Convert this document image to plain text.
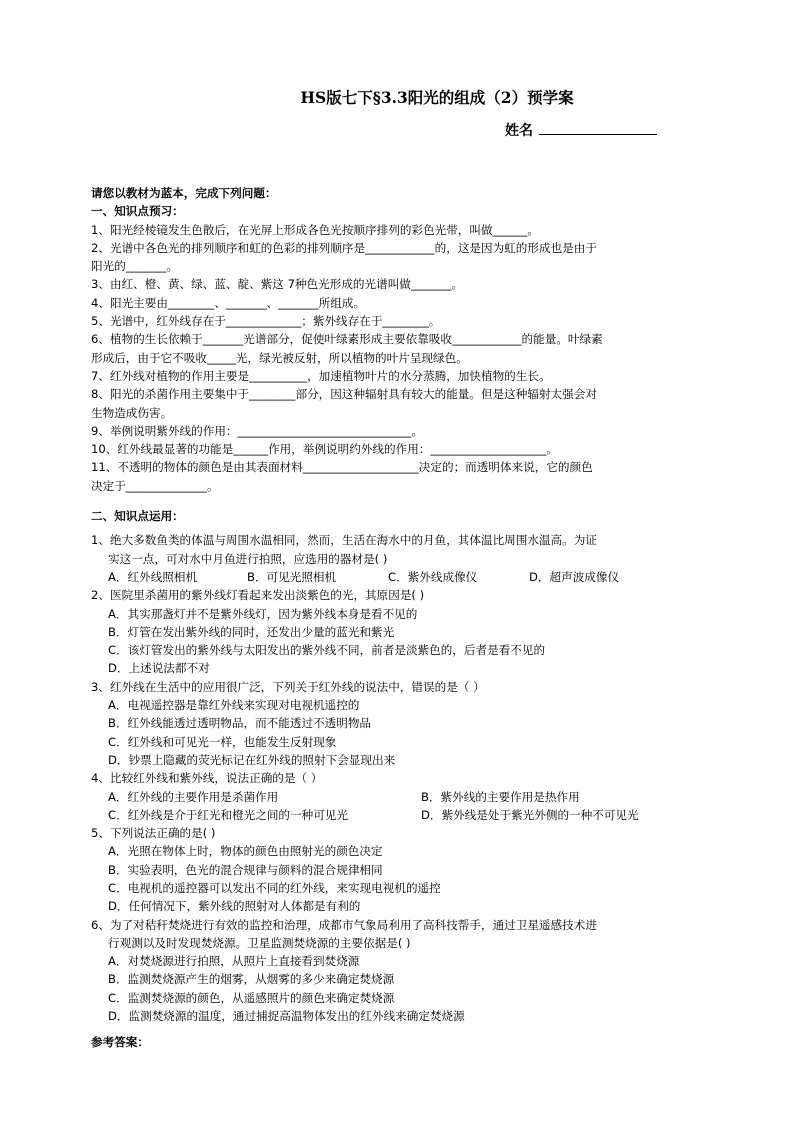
HS版七下§3.3阳光的组成（2）预学案
姓名

请您以教材为蓝本，完成下列问题：

一、知识点预习：

1、阳光经棱镜发生色散后，在光屏上形成各色光按顺序排列的彩色光带，叫做______。

2、光谱中各色光的排列顺序和虹的色彩的排列顺序是____________的，这是因为虹的形成也是由于

阳光的_______。

3、由红、橙、黄、绿、蓝、靛、紫这 7种色光形成的光谱叫做_______。

4、阳光主要由________、_______、_______所组成。

5、光谱中，红外线存在于_____________；紫外线存在于________。

6、植物的生长依赖于_______光谱部分，促使叶绿素形成主要依靠吸收____________的能量。叶绿素

形成后，由于它不吸收_____光，绿光被反射，所以植物的叶片呈现绿色。

7、红外线对植物的作用主要是__________，加速植物叶片的水分蒸腾，加快植物的生长。

8、阳光的杀菌作用主要集中于________部分，因这种辐射具有较大的能量。但是这种辐射太强会对

生物造成伤害。

9、举例说明紫外线的作用：______________________________。

10、红外线最显著的功能是______作用，举例说明约外线的作用：____________________。

11、不透明的物体的颜色是由其表面材料____________________决定的；而透明体来说，它的颜色

决定于______________。

二、知识点运用：

1、绝大多数鱼类的体温与周围水温相同，然而，生活在海水中的月鱼，其体温比周围水温高。为证

实这一点，可对水中月鱼进行拍照，应选用的器材是( )

A．红外线照相机	B．可见光照相机	C．紫外线成像仪	D．超声波成像仪

2、医院里杀菌用的紫外线灯看起来发出淡紫色的光，其原因是( )

A．其实那盏灯并不是紫外线灯，因为紫外线本身是看不见的

B．灯管在发出紫外线的同时，还发出少量的蓝光和紫光

C．该灯管发出的紫外线与太阳发出的紫外线不同，前者是淡紫色的，后者是看不见的

D．上述说法都不对

3、红外线在生活中的应用很广泛，下列关于红外线的说法中，错误的是（ ）

A．电视遥控器是靠红外线来实现对电视机遥控的

B．红外线能透过透明物品，而不能透过不透明物品

C．红外线和可见光一样，也能发生反射现象

D．钞票上隐藏的荧光标记在红外线的照射下会显现出来

4、比较红外线和紫外线，说法正确的是（ ）

A．红外线的主要作用是杀菌作用	B．紫外线的主要作用是热作用
C．红外线是介于红光和橙光之间的一种可见光	D．紫外线是处于紫光外侧的一种不可见光

5、下列说法正确的是( )

A．光照在物体上时，物体的颜色由照射光的颜色决定

B．实验表明，色光的混合规律与颜料的混合规律相同

C．电视机的遥控器可以发出不同的红外线，来实现电视机的遥控

D．任何情况下，紫外线的照射对人体都是有利的

6、为了对秸秆焚烧进行有效的监控和治理，成都市气象局利用了高科技帮手，通过卫星遥感技术进

行观测以及时发现焚烧源。卫星监测焚烧源的主要依据是( )

A．对焚烧源进行拍照，从照片上直接看到焚烧源

B．监测焚烧源产生的烟雾，从烟雾的多少来确定焚烧源

C．监测焚烧源的颜色，从遥感照片的颜色来确定焚烧源

D．监测焚烧源的温度，通过捕捉高温物体发出的红外线来确定焚烧源

参考答案：
